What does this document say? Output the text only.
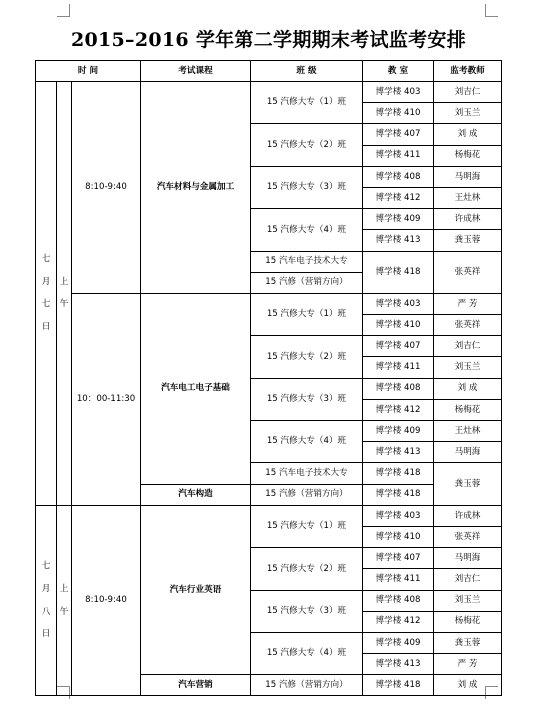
2015–2016 学年第二学期期末考试监考安排
时 间			考试课程	班 级	教 室	监考教师

七
月
七
日	上
午	8:10-9:40	汽车材料与金属加工	15 汽修大专（1）班	博学楼 403	刘吉仁
					博学楼 410	刘玉兰
				15 汽修大专（2）班	博学楼 407	刘 成
					博学楼 411	杨梅花
				15 汽修大专（3）班	博学楼 408	马明海
					博学楼 412	王灶林
				15 汽修大专（4）班	博学楼 409	许成林
					博学楼 413	龚玉蓉
				15 汽车电子技术大专	博学楼 418	张英祥
				15 汽修（营销方向）		
		10：00-11:30	汽车电工电子基础	15 汽修大专（1）班	博学楼 403	严 芳
					博学楼 410	张英祥
				15 汽修大专（2）班	博学楼 407	刘吉仁
					博学楼 411	刘玉兰
				15 汽修大专（3）班	博学楼 408	刘 成
					博学楼 412	杨梅花
				15 汽修大专（4）班	博学楼 409	王灶林
					博学楼 413	马明海
				15 汽车电子技术大专	博学楼 418	龚玉蓉
			汽车构造	15 汽修（营销方向）	博学楼 418	

七
月
八
日	上
午	8:10-9:40	汽车行业英语	15 汽修大专（1）班	博学楼 403	许成林
					博学楼 410	张英祥
				15 汽修大专（2）班	博学楼 407	马明海
					博学楼 411	刘吉仁
				15 汽修大专（3）班	博学楼 408	刘玉兰
					博学楼 412	杨梅花
				15 汽修大专（4）班	博学楼 409	龚玉蓉
					博学楼 413	严 芳
			汽车营销	15 汽修（营销方向）	博学楼 418	刘 成
